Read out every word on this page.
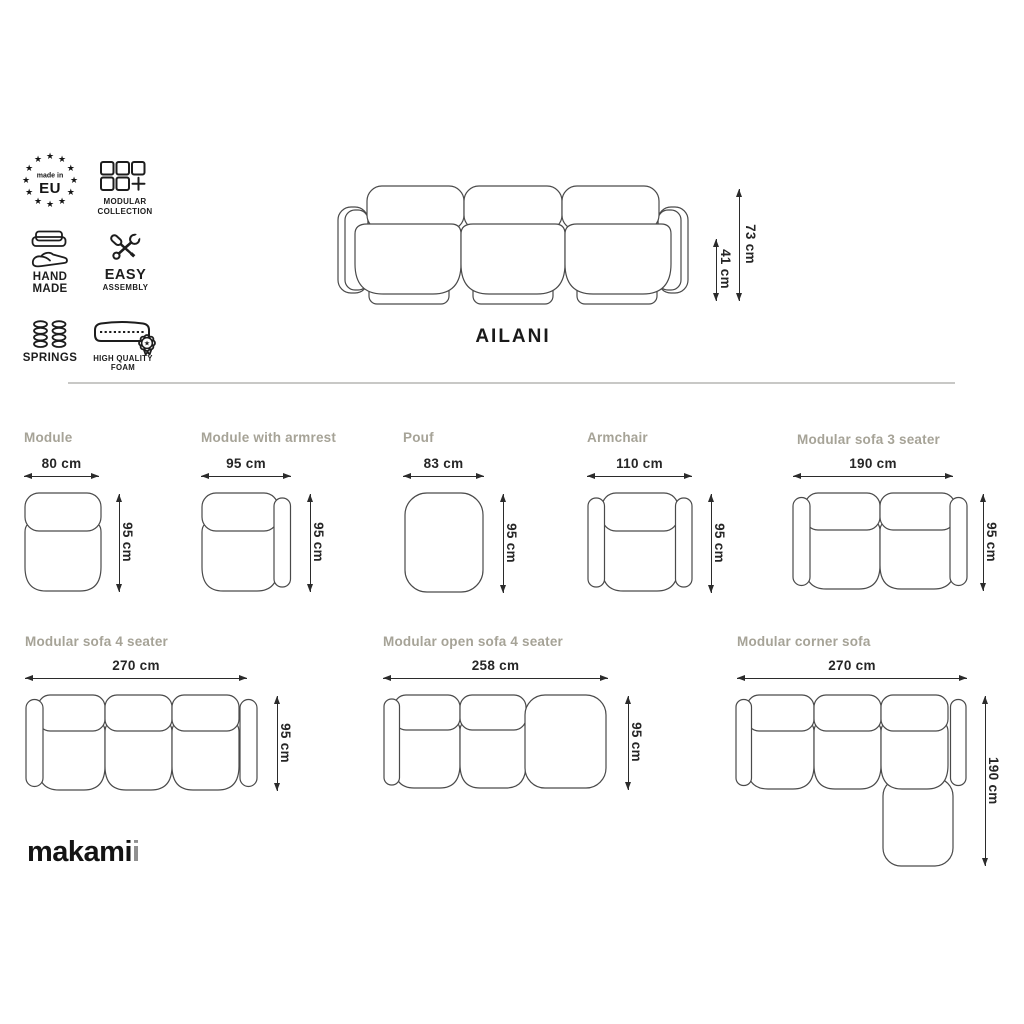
★ ★
★
★
★
★
★
★
★
★
★
★
made in
EU
MODULAR
COLLECTION
HAND
MADE
EASY
ASSEMBLY
SPRINGS
★
HIGH QUALITY
FOAM
41 cm
73 cm
AILANI
Module
80 cm
95 cm
Module with armrest
95 cm
95 cm
Pouf
83 cm
95 cm
Armchair
110 cm
95 cm
Modular sofa 3 seater
190 cm
95 cm
Modular sofa 4 seater
270 cm
95 cm
Modular open sofa 4 seater
258 cm
95 cm
Modular corner sofa
270 cm
190 cm
makamii
